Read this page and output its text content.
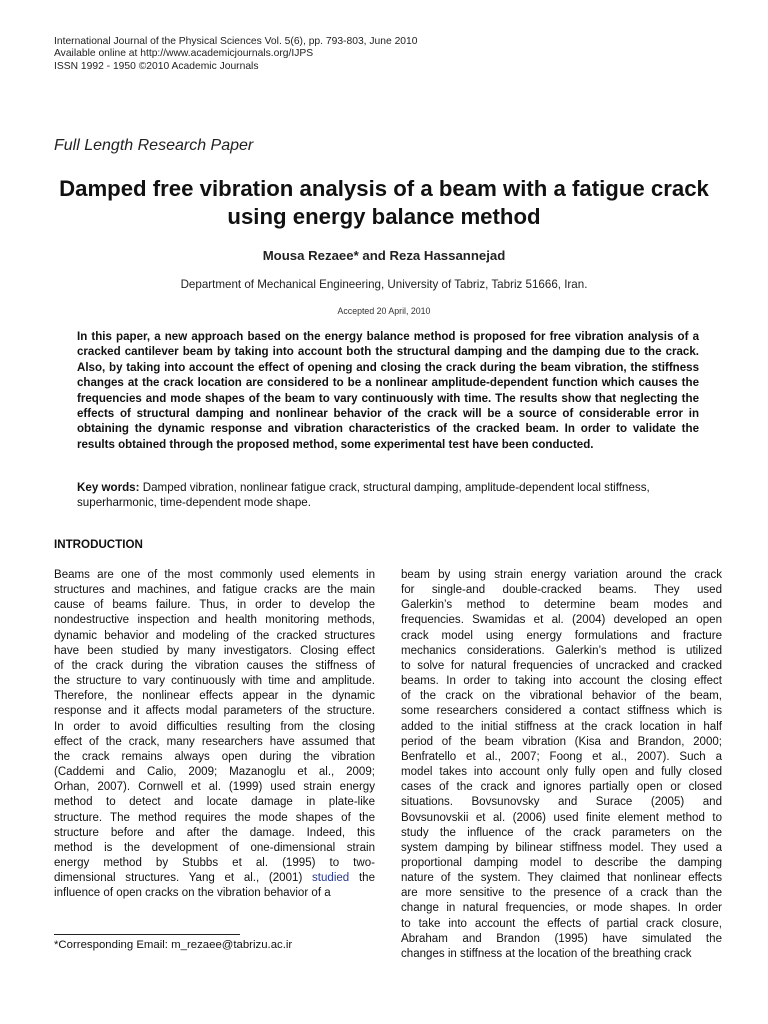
International Journal of the Physical Sciences Vol. 5(6), pp. 793-803, June 2010
Available online at http://www.academicjournals.org/IJPS
ISSN 1992 - 1950 ©2010 Academic Journals
Full Length Research Paper
Damped free vibration analysis of a beam with a fatigue crack using energy balance method
Mousa Rezaee* and Reza Hassannejad
Department of Mechanical Engineering, University of Tabriz, Tabriz 51666, Iran.
Accepted 20 April, 2010

In this paper, a new approach based on the energy balance method is proposed for free vibration analysis of a cracked cantilever beam by taking into account both the structural damping and the damping due to the crack. Also, by taking into account the effect of opening and closing the crack during the beam vibration, the stiffness changes at the crack location are considered to be a nonlinear amplitude-dependent function which causes the frequencies and mode shapes of the beam to vary continuously with time. The results show that neglecting the effects of structural damping and nonlinear behavior of the crack will be a source of considerable error in obtaining the dynamic response and vibration characteristics of the cracked beam. In order to validate the results obtained through the proposed method, some experimental test have been conducted.

Key words: Damped vibration, nonlinear fatigue crack, structural damping, amplitude-dependent local stiffness, superharmonic, time-dependent mode shape.

INTRODUCTION
Beams are one of the most commonly used elements in
structures and machines, and fatigue cracks are the main
cause of beams failure. Thus, in order to develop the
nondestructive inspection and health monitoring methods,
dynamic behavior and modeling of the cracked structures
have been studied by many investigators. Closing effect
of the crack during the vibration causes the stiffness of
the structure to vary continuously with time and amplitude.
Therefore, the nonlinear effects appear in the dynamic
response and it affects modal parameters of the structure.
In order to avoid difficulties resulting from the closing
effect of the crack, many researchers have assumed that
the crack remains always open during the vibration
(Caddemi and Calio, 2009; Mazanoglu et al., 2009;
Orhan, 2007). Cornwell et al. (1999) used strain energy
method to detect and locate damage in plate-like
structure. The method requires the mode shapes of the
structure before and after the damage. Indeed, this
method is the development of one-dimensional strain
energy method by Stubbs et al. (1995) to two-
dimensional structures. Yang et al., (2001) studied the
influence of open cracks on the vibration behavior of a
beam by using strain energy variation around the crack
for single-and double-cracked beams. They used
Galerkin’s method to determine beam modes and
frequencies. Swamidas et al. (2004) developed an open
crack model using energy formulations and fracture
mechanics considerations. Galerkin’s method is utilized
to solve for natural frequencies of uncracked and cracked
beams. In order to taking into account the closing effect
of the crack on the vibrational behavior of the beam,
some researchers considered a contact stiffness which is
added to the initial stiffness at the crack location in half
period of the beam vibration (Kisa and Brandon, 2000;
Benfratello et al., 2007; Foong et al., 2007). Such a
model takes into account only fully open and fully closed
cases of the crack and ignores partially open or closed
situations. Bovsunovsky and Surace (2005) and
Bovsunovskii et al. (2006) used finite element method to
study the influence of the crack parameters on the
system damping by bilinear stiffness model. They used a
proportional damping model to describe the damping
nature of the system. They claimed that nonlinear effects
are more sensitive to the presence of a crack than the
change in natural frequencies, or mode shapes. In order
to take into account the effects of partial crack closure,
Abraham and Brandon (1995) have simulated the
changes in stiffness at the location of the breathing crack
*Corresponding Email: m_rezaee@tabrizu.ac.ir
